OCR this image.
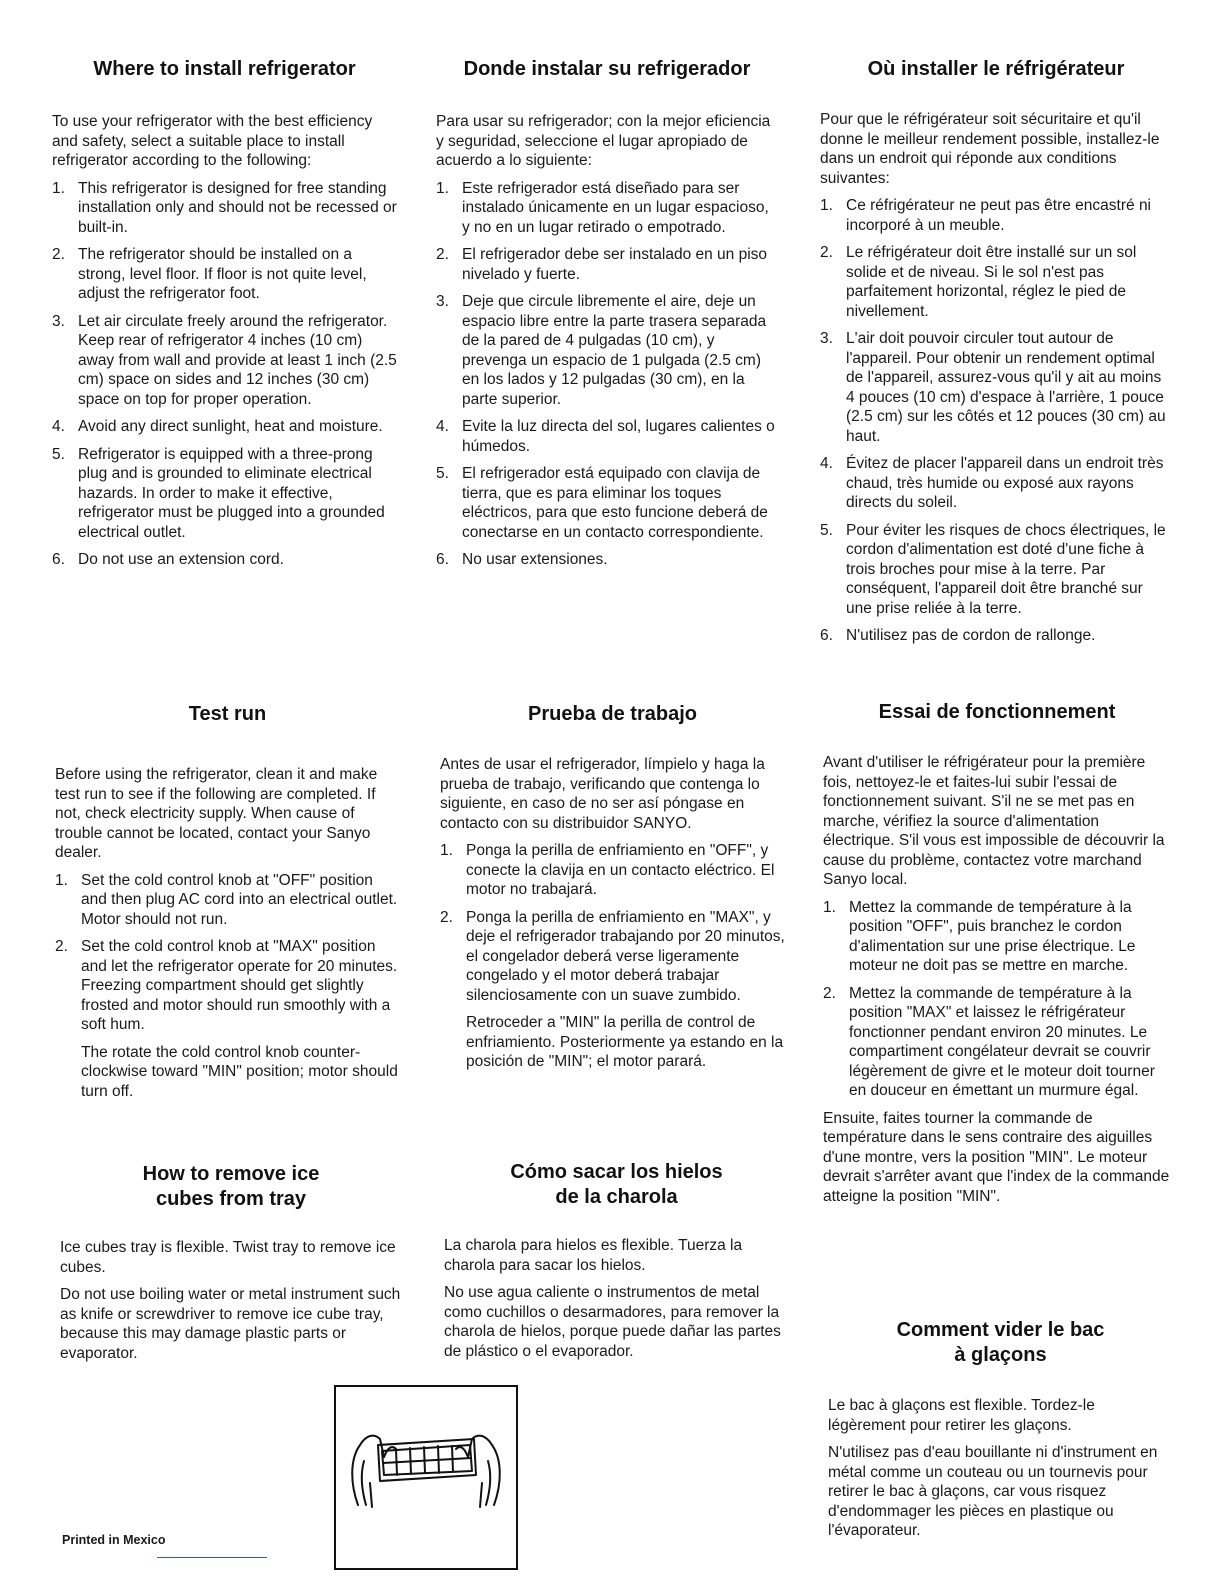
Where to install refrigerator

To use your refrigerator with the best efficiency and safety, select a suitable place to install refrigerator according to the following:

1. This refrigerator is designed for free standing installation only and should not be recessed or built-in.
2. The refrigerator should be installed on a strong, level floor. If floor is not quite level, adjust the refrigerator foot.
3. Let air circulate freely around the refrigerator. Keep rear of refrigerator 4 inches (10 cm) away from wall and provide at least 1 inch (2.5 cm) space on sides and 12 inches (30 cm) space on top for proper operation.
4. Avoid any direct sunlight, heat and moisture.
5. Refrigerator is equipped with a three-prong plug and is grounded to eliminate electrical hazards. In order to make it effective, refrigerator must be plugged into a grounded electrical outlet.
6. Do not use an extension cord.
Donde instalar su refrigerador

Para usar su refrigerador; con la mejor eficiencia y seguridad, seleccione el lugar apropiado de acuerdo a lo siguiente:

1. Este refrigerador está diseñado para ser instalado únicamente en un lugar espacioso, y no en un lugar retirado o empotrado.
2. El refrigerador debe ser instalado en un piso nivelado y fuerte.
3. Deje que circule libremente el aire, deje un espacio libre entre la parte trasera separada de la pared de 4 pulgadas (10 cm), y prevenga un espacio de 1 pulgada (2.5 cm) en los lados y 12 pulgadas (30 cm), en la parte superior.
4. Evite la luz directa del sol, lugares calientes o húmedos.
5. El refrigerador está equipado con clavija de tierra, que es para eliminar los toques eléctricos, para que esto funcione deberá de conectarse en un contacto correspondiente.
6. No usar extensiones.
Où installer le réfrigérateur

Pour que le réfrigérateur soit sécuritaire et qu'il donne le meilleur rendement possible, installez-le dans un endroit qui réponde aux conditions suivantes:

1. Ce réfrigérateur ne peut pas être encastré ni incorporé à un meuble.
2. Le réfrigérateur doit être installé sur un sol solide et de niveau. Si le sol n'est pas parfaitement horizontal, réglez le pied de nivellement.
3. L'air doit pouvoir circuler tout autour de l'appareil. Pour obtenir un rendement optimal de l'appareil, assurez-vous qu'il y ait au moins 4 pouces (10 cm) d'espace à l'arrière, 1 pouce (2.5 cm) sur les côtés et 12 pouces (30 cm) au haut.
4. Évitez de placer l'appareil dans un endroit très chaud, très humide ou exposé aux rayons directs du soleil.
5. Pour éviter les risques de chocs électriques, le cordon d'alimentation est doté d'une fiche à trois broches pour mise à la terre. Par conséquent, l'appareil doit être branché sur une prise reliée à la terre.
6. N'utilisez pas de cordon de rallonge.
Test run

Before using the refrigerator, clean it and make test run to see if the following are completed. If not, check electricity supply. When cause of trouble cannot be located, contact your Sanyo dealer.

1. Set the cold control knob at "OFF" position and then plug AC cord into an electrical outlet. Motor should not run.
2. Set the cold control knob at "MAX" position and let the refrigerator operate for 20 minutes. Freezing compartment should get slightly frosted and motor should run smoothly with a soft hum.

The rotate the cold control knob counter-clockwise toward "MIN" position; motor should turn off.

Prueba de trabajo

Antes de usar el refrigerador, límpielo y haga la prueba de trabajo, verificando que contenga lo siguiente, en caso de no ser así póngase en contacto con su distribuidor SANYO.

1. Ponga la perilla de enfriamiento en "OFF", y conecte la clavija en un contacto eléctrico. El motor no trabajará.
2. Ponga la perilla de enfriamiento en "MAX", y deje el refrigerador trabajando por 20 minutos, el congelador deberá verse ligeramente congelado y el motor deberá trabajar silenciosamente con un suave zumbido.

Retroceder a "MIN" la perilla de control de enfriamiento. Posteriormente ya estando en la posición de "MIN"; el motor parará.

Essai de fonctionnement

Avant d'utiliser le réfrigérateur pour la première fois, nettoyez-le et faites-lui subir l'essai de fonctionnement suivant. S'il ne se met pas en marche, vérifiez la source d'alimentation électrique. S'il vous est impossible de découvrir la cause du problème, contactez votre marchand Sanyo local.

1. Mettez la commande de température à la position "OFF", puis branchez le cordon d'alimentation sur une prise électrique. Le moteur ne doit pas se mettre en marche.
2. Mettez la commande de température à la position "MAX" et laissez le réfrigérateur fonctionner pendant environ 20 minutes. Le compartiment congélateur devrait se couvrir légèrement de givre et le moteur doit tourner en douceur en émettant un murmure égal.

Ensuite, faites tourner la commande de température dans le sens contraire des aiguilles d'une montre, vers la position "MIN". Le moteur devrait s'arrêter avant que l'index de la commande atteigne la position "MIN".

How to remove ice
cubes from tray

Ice cubes tray is flexible. Twist tray to remove ice cubes.

Do not use boiling water or metal instrument such as knife or screwdriver to remove ice cube tray, because this may damage plastic parts or evaporator.

Cómo sacar los hielos
de la charola

La charola para hielos es flexible. Tuerza la charola para sacar los hielos.

No use agua caliente o instrumentos de metal como cuchillos o desarmadores, para remover la charola de hielos, porque puede dañar las partes de plástico o el evaporador.

Comment vider le bac
à glaçons

Le bac à glaçons est flexible. Tordez-le légèrement pour retirer les glaçons.

N'utilisez pas d'eau bouillante ni d'instrument en métal comme un couteau ou un tournevis pour retirer le bac à glaçons, car vous risquez d'endommager les pièces en plastique ou l'évaporateur.

Printed in Mexico
